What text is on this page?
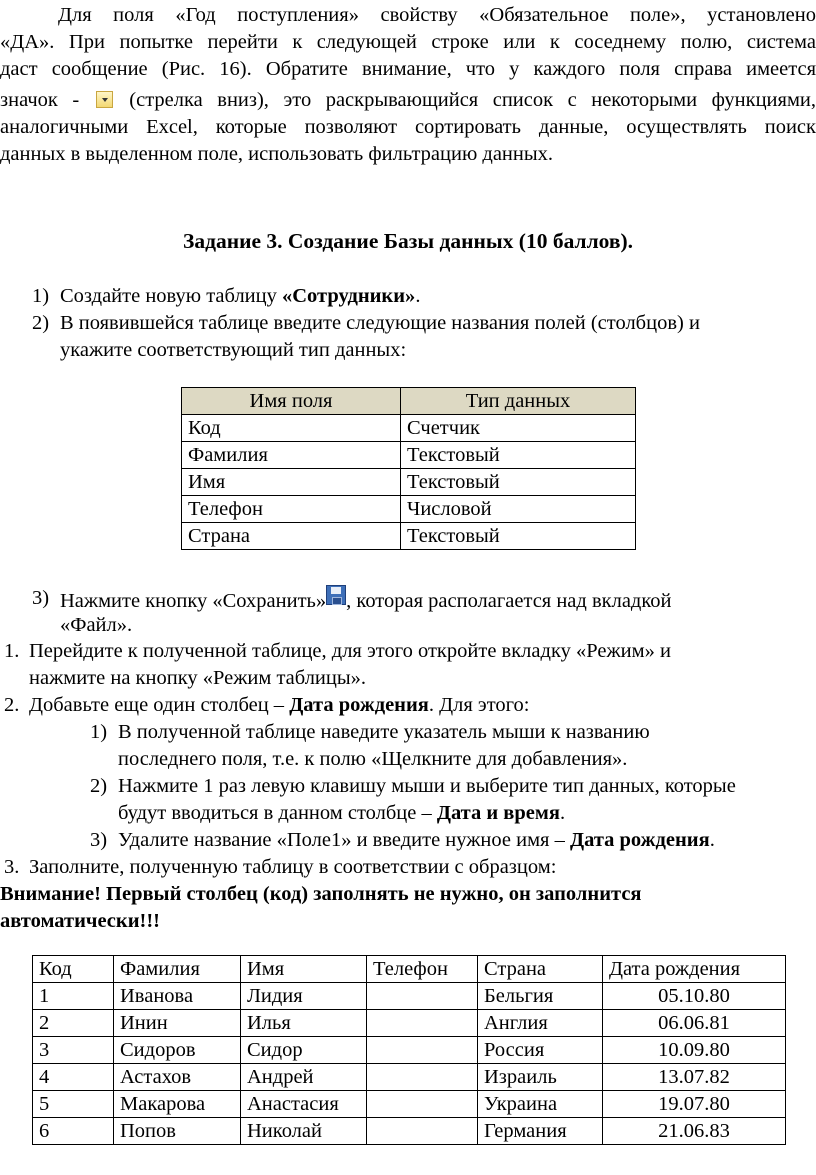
Для поля «Год поступления» свойству «Обязательное поле», установлено
«ДА». При попытке перейти к следующей строке или к соседнему полю, система
даст сообщение (Рис. 16). Обратите внимание, что у каждого поля справа имеется
значок - (стрелка вниз), это раскрывающийся список с некоторыми функциями,
аналогичными Excel, которые позволяют сортировать данные, осуществлять поиск
данных в выделенном поле, использовать фильтрацию данных.
Задание 3. Создание Базы данных (10 баллов).
1) Создайте новую таблицу «Сотрудники».
2) В появившейся таблице введите следующие названия полей (столбцов) и
укажите соответствующий тип данных:
Имя поля	Тип данных
Код	Счетчик
Фамилия	Текстовый
Имя	Текстовый
Телефон	Числовой
Страна	Текстовый
3) Нажмите кнопку «Сохранить» , которая располагается над вкладкой
«Файл».
1. Перейдите к полученной таблице, для этого откройте вкладку «Режим» и
нажмите на кнопку «Режим таблицы».
2. Добавьте еще один столбец – Дата рождения. Для этого:
1) В полученной таблице наведите указатель мыши к названию
последнего поля, т.е. к полю «Щелкните для добавления».
2) Нажмите 1 раз левую клавишу мыши и выберите тип данных, которые
будут вводиться в данном столбце – Дата и время.
3) Удалите название «Поле1» и введите нужное имя – Дата рождения.
3. Заполните, полученную таблицу в соответствии с образцом:
Внимание! Первый столбец (код) заполнять не нужно, он заполнится
автоматически!!!
Код	Фамилия	Имя	Телефон	Страна	Дата рождения
1	Иванова	Лидия		Бельгия	05.10.80
2	Инин	Илья		Англия	06.06.81
3	Сидоров	Сидор		Россия	10.09.80
4	Астахов	Андрей		Израиль	13.07.82
5	Макарова	Анастасия		Украина	19.07.80
6	Попов	Николай		Германия	21.06.83
